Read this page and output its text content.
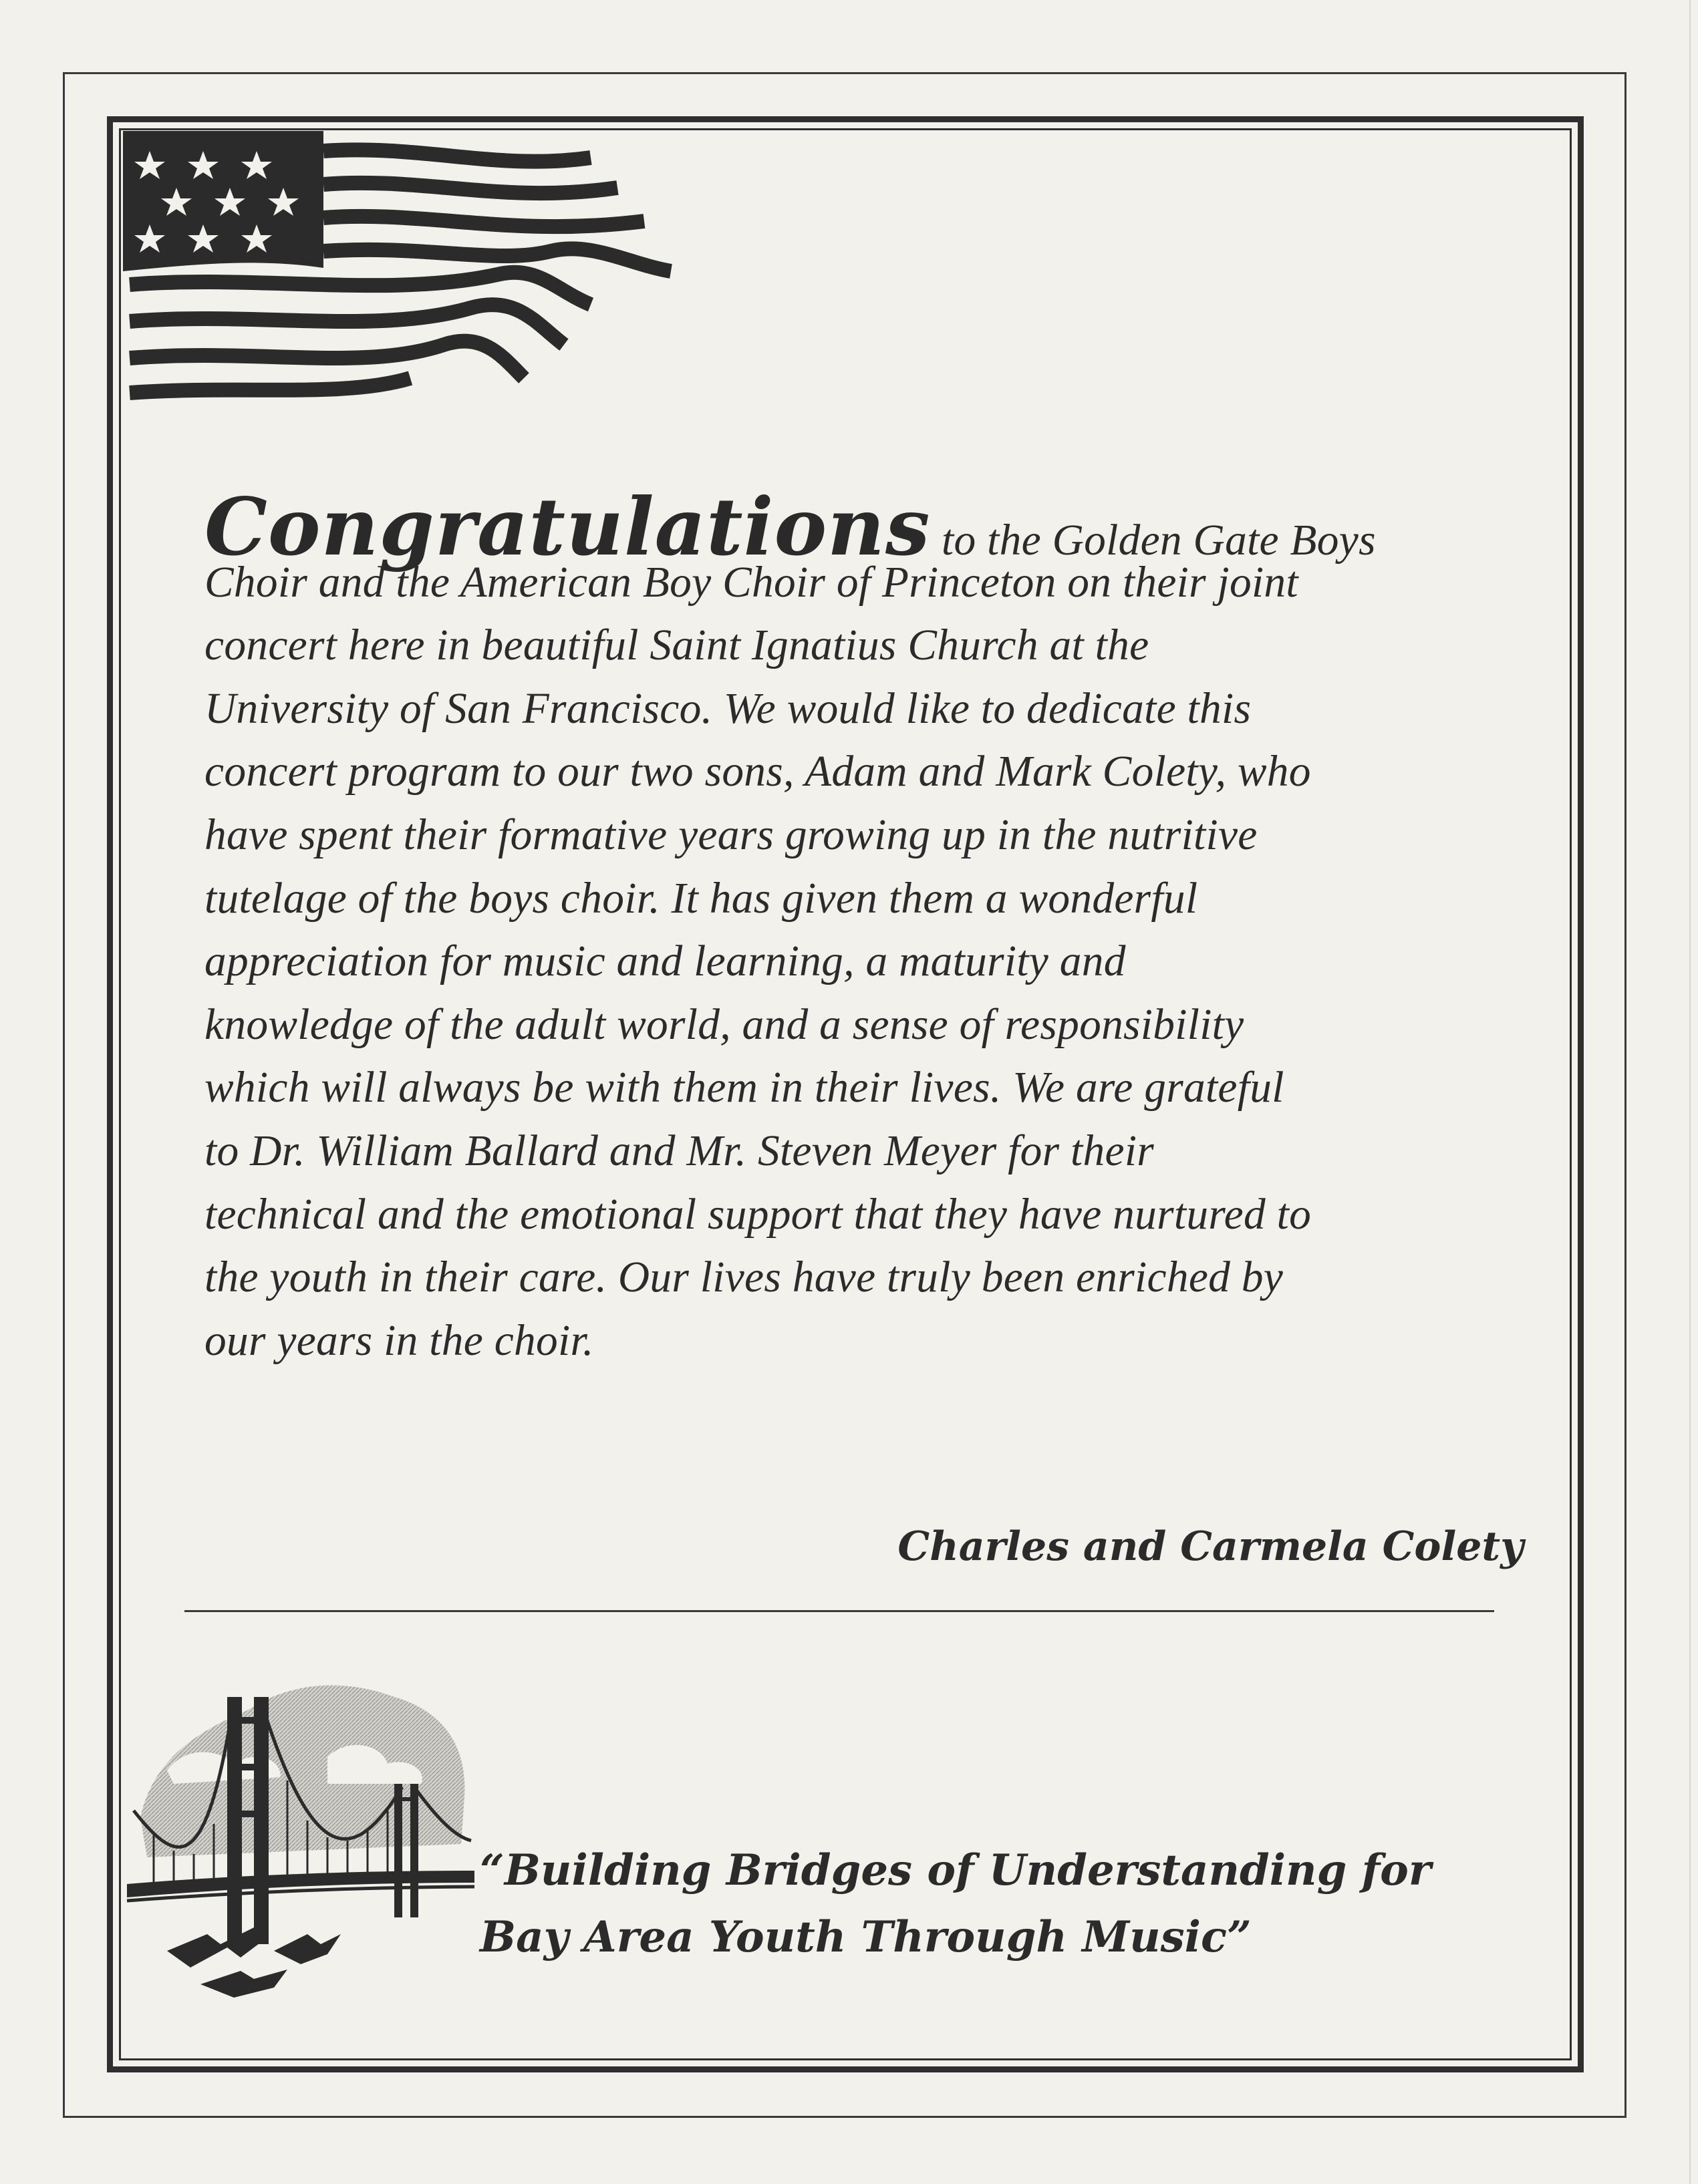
Congratulations to the Golden Gate Boys
Choir and the American Boy Choir of Princeton on their joint
concert here in beautiful Saint Ignatius Church at the
University of San Francisco. We would like to dedicate this
concert program to our two sons, Adam and Mark Colety, who
have spent their formative years growing up in the nutritive
tutelage of the boys choir. It has given them a wonderful
appreciation for music and learning, a maturity and
knowledge of the adult world, and a sense of responsibility
which will always be with them in their lives. We are grateful
to Dr. William Ballard and Mr. Steven Meyer for their
technical and the emotional support that they have nurtured to
the youth in their care. Our lives have truly been enriched by
our years in the choir.
Charles and Carmela Colety
“Building Bridges of Understanding for
Bay Area Youth Through Music”
